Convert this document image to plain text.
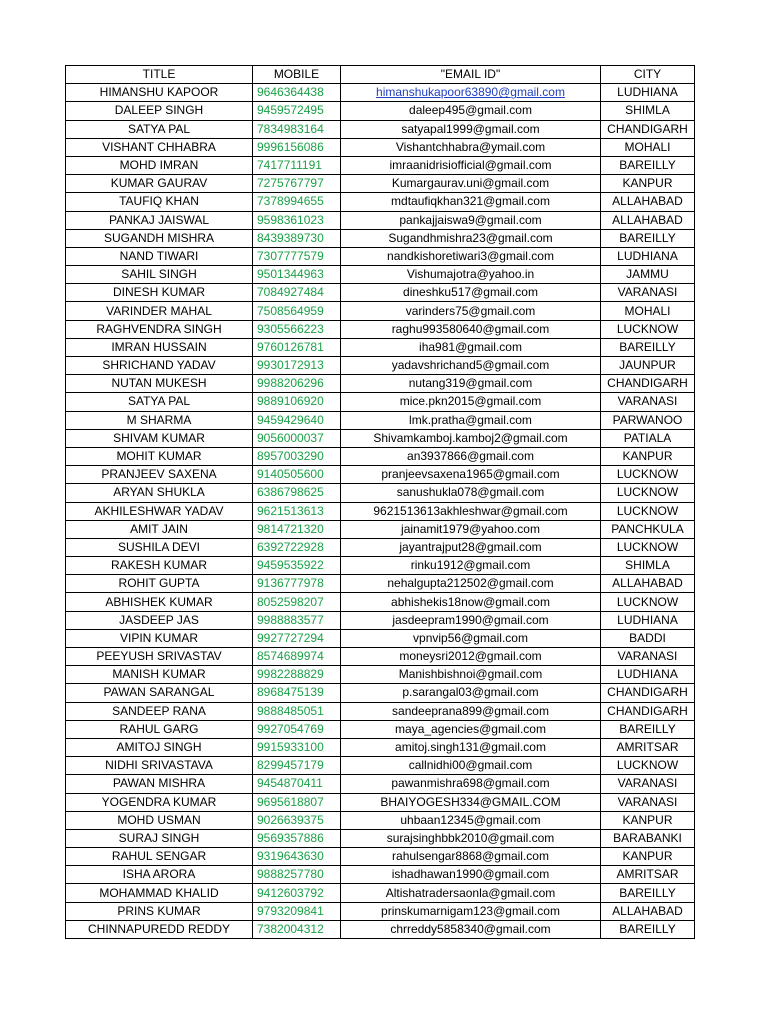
TITLE	MOBILE	"EMAIL ID"	CITY
HIMANSHU KAPOOR	9646364438	himanshukapoor63890@gmail.com	LUDHIANA
DALEEP SINGH	9459572495	daleep495@gmail.com	SHIMLA
SATYA PAL	7834983164	satyapal1999@gmail.com	CHANDIGARH
VISHANT CHHABRA	9996156086	Vishantchhabra@ymail.com	MOHALI
MOHD IMRAN	7417711191	imraanidrisiofficial@gmail.com	BAREILLY
KUMAR GAURAV	7275767797	Kumargaurav.uni@gmail.com	KANPUR
TAUFIQ KHAN	7378994655	mdtaufiqkhan321@gmail.com	ALLAHABAD
PANKAJ JAISWAL	9598361023	pankajjaiswa9@gmail.com	ALLAHABAD
SUGANDH MISHRA	8439389730	Sugandhmishra23@gmail.com	BAREILLY
NAND TIWARI	7307777579	nandkishoretiwari3@gmail.com	LUDHIANA
SAHIL SINGH	9501344963	Vishumajotra@yahoo.in	JAMMU
DINESH KUMAR	7084927484	dineshku517@gmail.com	VARANASI
VARINDER MAHAL	7508564959	varinders75@gmail.com	MOHALI
RAGHVENDRA SINGH	9305566223	raghu993580640@gmail.com	LUCKNOW
IMRAN HUSSAIN	9760126781	iha981@gmail.com	BAREILLY
SHRICHAND YADAV	9930172913	yadavshrichand5@gmail.com	JAUNPUR
NUTAN MUKESH	9988206296	nutang319@gmail.com	CHANDIGARH
SATYA PAL	9889106920	mice.pkn2015@gmail.com	VARANASI
M SHARMA	9459429640	lmk.pratha@gmail.com	PARWANOO
SHIVAM KUMAR	9056000037	Shivamkamboj.kamboj2@gmail.com	PATIALA
MOHIT KUMAR	8957003290	an3937866@gmail.com	KANPUR
PRANJEEV SAXENA	9140505600	pranjeevsaxena1965@gmail.com	LUCKNOW
ARYAN SHUKLA	6386798625	sanushukla078@gmail.com	LUCKNOW
AKHILESHWAR YADAV	9621513613	9621513613akhleshwar@gmail.com	LUCKNOW
AMIT JAIN	9814721320	jainamit1979@yahoo.com	PANCHKULA
SUSHILA DEVI	6392722928	jayantrajput28@gmail.com	LUCKNOW
RAKESH KUMAR	9459535922	rinku1912@gmail.com	SHIMLA
ROHIT GUPTA	9136777978	nehalgupta212502@gmail.com	ALLAHABAD
ABHISHEK KUMAR	8052598207	abhishekis18now@gmail.com	LUCKNOW
JASDEEP JAS	9988883577	jasdeepram1990@gmail.com	LUDHIANA
VIPIN KUMAR	9927727294	vpnvip56@gmail.com	BADDI
PEEYUSH SRIVASTAV	8574689974	moneysri2012@gmail.com	VARANASI
MANISH KUMAR	9982288829	Manishbishnoi@gmail.com	LUDHIANA
PAWAN SARANGAL	8968475139	p.sarangal03@gmail.com	CHANDIGARH
SANDEEP RANA	9888485051	sandeeprana899@gmail.com	CHANDIGARH
RAHUL GARG	9927054769	maya_agencies@gmail.com	BAREILLY
AMITOJ SINGH	9915933100	amitoj.singh131@gmail.com	AMRITSAR
NIDHI SRIVASTAVA	8299457179	callnidhi00@gmail.com	LUCKNOW
PAWAN MISHRA	9454870411	pawanmishra698@gmail.com	VARANASI
YOGENDRA KUMAR	9695618807	BHAIYOGESH334@GMAIL.COM	VARANASI
MOHD USMAN	9026639375	uhbaan12345@gmail.com	KANPUR
SURAJ SINGH	9569357886	surajsinghbbk2010@gmail.com	BARABANKI
RAHUL SENGAR	9319643630	rahulsengar8868@gmail.com	KANPUR
ISHA ARORA	9888257780	ishadhawan1990@gmail.com	AMRITSAR
MOHAMMAD KHALID	9412603792	Altishatradersaonla@gmail.com	BAREILLY
PRINS KUMAR	9793209841	prinskumarnigam123@gmail.com	ALLAHABAD
CHINNAPUREDD REDDY	7382004312	chrreddy5858340@gmail.com	BAREILLY
